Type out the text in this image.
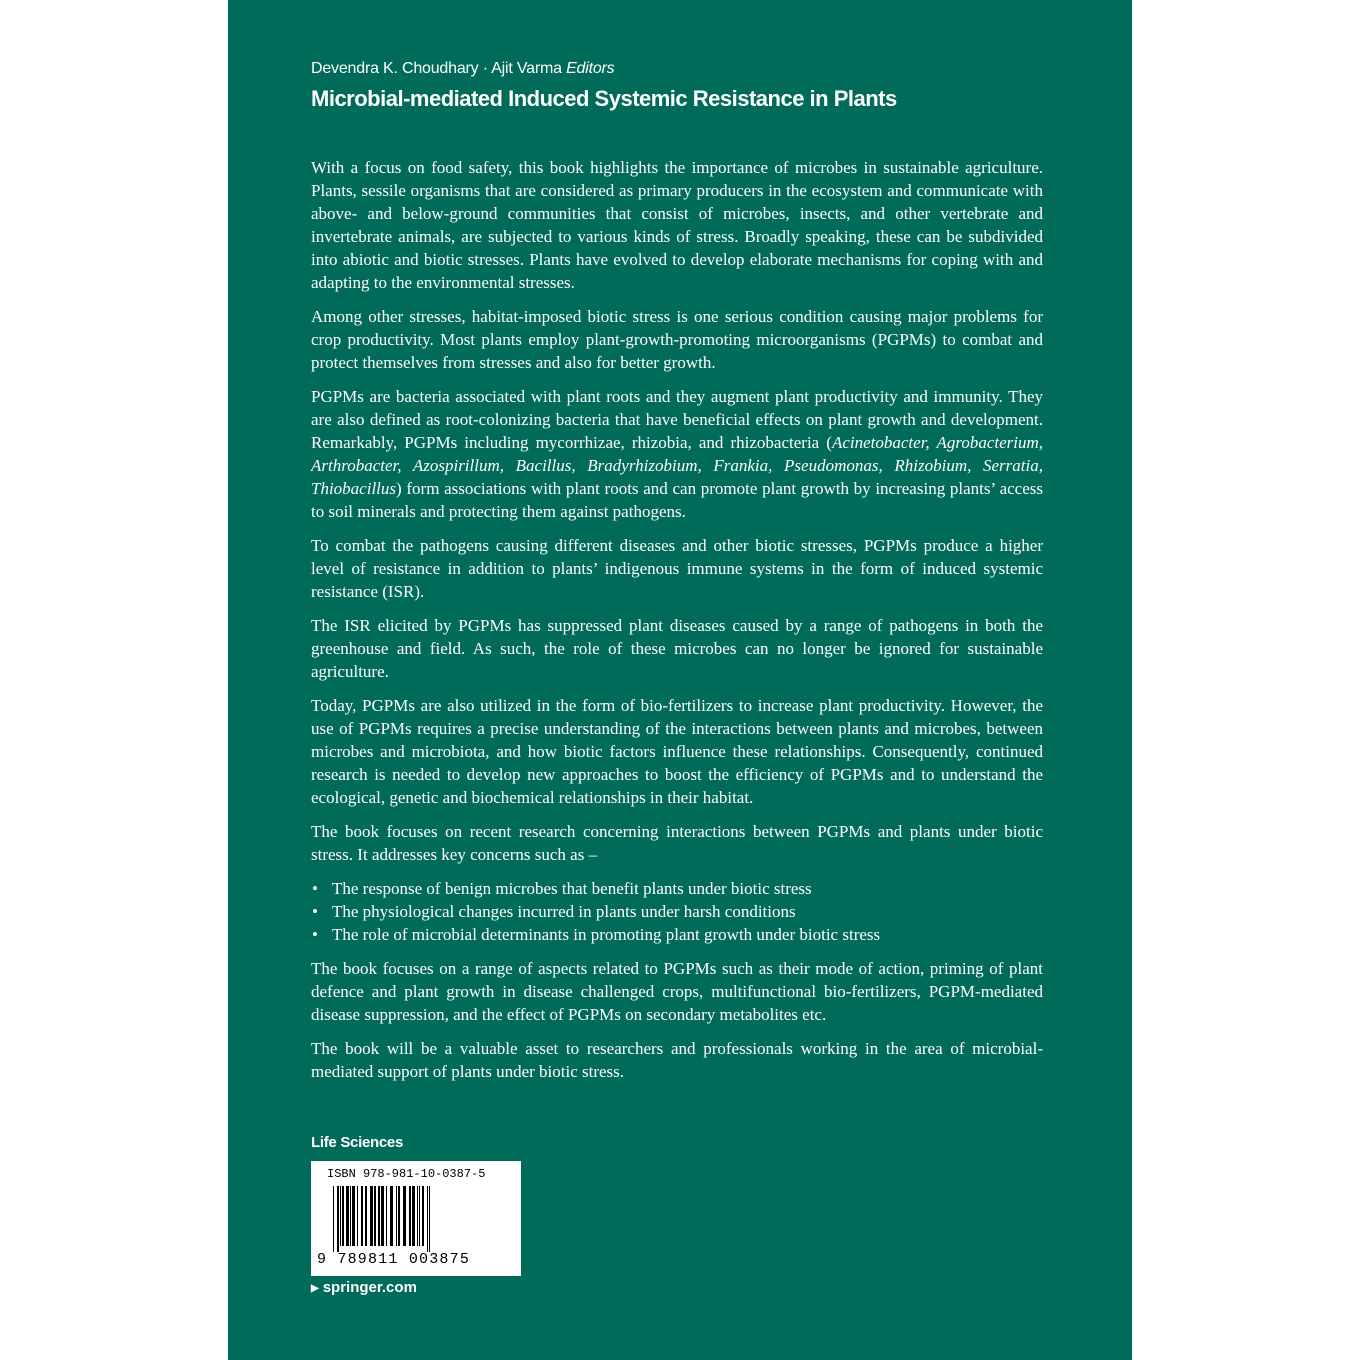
Devendra K. Choudhary · Ajit Varma Editors
Microbial-mediated Induced Systemic Resistance in Plants

With a focus on food safety, this book highlights the importance of microbes in sustainable agriculture. Plants, sessile organisms that are considered as primary producers in the ecosystem and communicate with above- and below-ground communities that consist of microbes, insects, and other vertebrate and invertebrate animals, are subjected to various kinds of stress. Broadly speaking, these can be subdivided into abiotic and biotic stresses. Plants have evolved to develop elaborate mechanisms for coping with and adapting to the environmental stresses.

Among other stresses, habitat-imposed biotic stress is one serious condition causing major problems for crop productivity. Most plants employ plant-growth-promoting microorganisms (PGPMs) to combat and protect themselves from stresses and also for better growth.

PGPMs are bacteria associated with plant roots and they augment plant productivity and immunity. They are also defined as root-colonizing bacteria that have beneficial effects on plant growth and development. Remarkably, PGPMs including mycorrhizae, rhizobia, and rhizobacteria (Acinetobacter, Agrobacterium, Arthrobacter, Azospirillum, Bacillus, Bradyrhizobium, Frankia, Pseudomonas, Rhizobium, Serratia, Thiobacillus) form associations with plant roots and can promote plant growth by increasing plants’ access to soil minerals and protecting them against pathogens.

To combat the pathogens causing different diseases and other biotic stresses, PGPMs produce a higher level of resistance in addition to plants’ indigenous immune systems in the form of induced systemic resistance (ISR).

The ISR elicited by PGPMs has suppressed plant diseases caused by a range of pathogens in both the greenhouse and field. As such, the role of these microbes can no longer be ignored for sustainable agriculture.

Today, PGPMs are also utilized in the form of bio-fertilizers to increase plant productivity. However, the use of PGPMs requires a precise understanding of the interactions between plants and microbes, between microbes and microbiota, and how biotic factors influence these relationships. Consequently, continued research is needed to develop new approaches to boost the efficiency of PGPMs and to understand the ecological, genetic and biochemical relationships in their habitat.

The book focuses on recent research concerning interactions between PGPMs and plants under biotic stress. It addresses key concerns such as –

• The response of benign microbes that benefit plants under biotic stress
• The physiological changes incurred in plants under harsh conditions
• The role of microbial determinants in promoting plant growth under biotic stress

The book focuses on a range of aspects related to PGPMs such as their mode of action, priming of plant defence and plant growth in disease challenged crops, multifunctional bio-fertilizers, PGPM-mediated disease suppression, and the effect of PGPMs on secondary metabolites etc.

The book will be a valuable asset to researchers and professionals working in the area of microbial-mediated support of plants under biotic stress.

Life Sciences
ISBN 978-981-10-0387-5
9 789811 003875
▶ springer.com
